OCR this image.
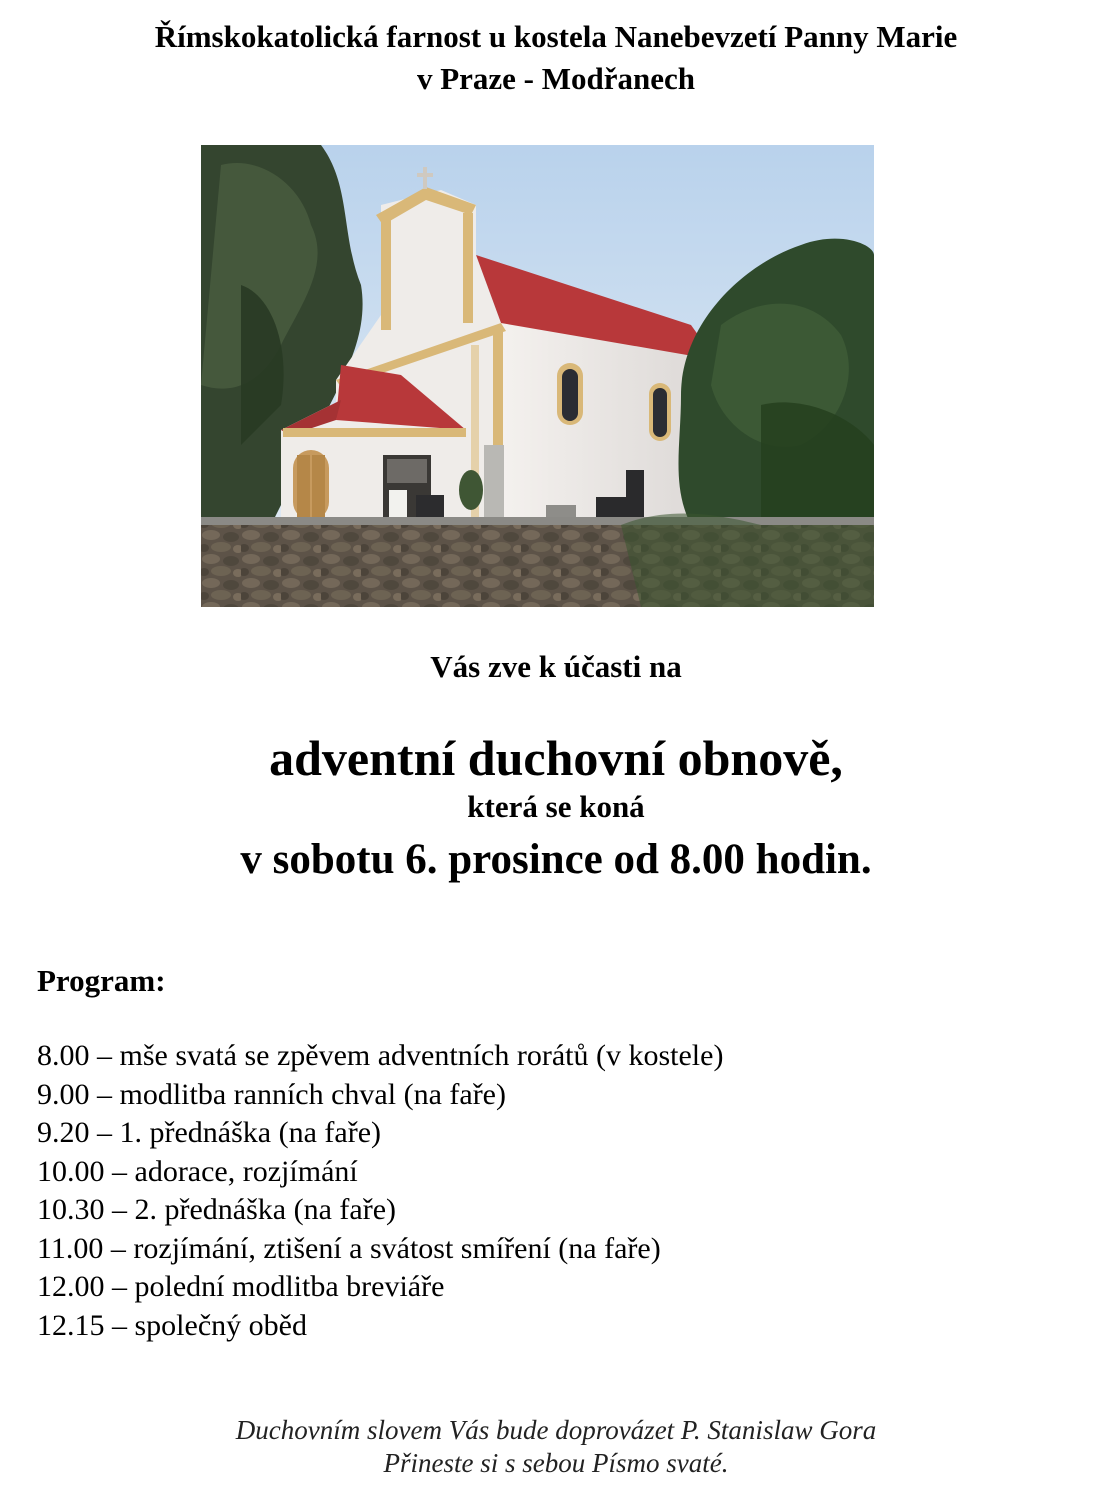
Římskokatolická farnost u kostela Nanebevzetí Panny Marie
v Praze - Modřanech
Vás zve k účasti na
adventní duchovní obnově,
která se koná
v sobotu 6. prosince od 8.00 hodin.
Program:
8.00 – mše svatá se zpěvem adventních rorátů (v kostele)
9.00 – modlitba ranních chval (na faře)
9.20 – 1. přednáška (na faře)
10.00 – adorace, rozjímání
10.30 – 2. přednáška (na faře)
11.00 – rozjímání, ztišení a svátost smíření (na faře)
12.00 – polední modlitba breviáře
12.15 – společný oběd
Duchovním slovem Vás bude doprovázet P. Stanislaw Gora
Přineste si s sebou Písmo svaté.
